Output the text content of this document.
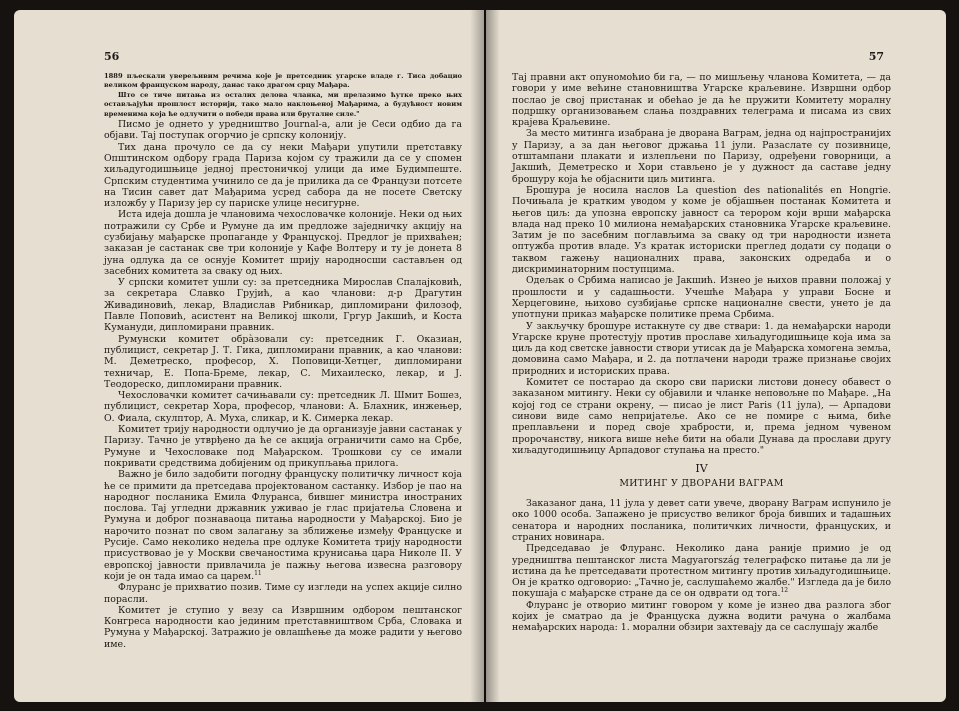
56

1889 пљескали уверељивим речима које је претседник угарске владе г. Тиса добацио великом француском народу, данас тако драгом срцу Мађара.

Што се тиче питања из осталих делова чланка, ми прелазимо ћутке преко њих остављајући прошлост историји, тако мало наклоњеној Мађарима, а будућност новим временима која ће одлучити о победи права или бруталне силе."

Писмо је однето у уредништво Journal-а, али је Сеси одбио да га објави. Тај поступак огорчио је српску колонију.

Тих дана прочуло се да су неки Мађари упутили претставку Општинском одбору града Париза којом су тражили да се у спомен хиљадугодишњице једној престоничкој улици да име Будимпеште. Српским студентима учинило се да је прилика да се Французи потсете на Тисин савет дат Мађарима усред сабора да не посете Светску изложбу у Паризу јер су париске улице несигурне.

Иста идеја дошла је члановима чехословачке колоније. Неки од њих потражили су Србе и Румуне да им предложе заједничку акцију на сузбијању мађарске пропаганде у Француској. Предлог је прихваћен; заказан је састанак све три колоније у Кафе Волтеру и ту је донета 8 јуна одлука да се оснује Комитет шрију народносши састављен од засебних комитета за сваку од њих.

У српски комитет ушли су: за претседника Мирослав Спалајковић, за секретара Славко Грујић, а као чланови: д-р Драгутин Живадиновић, лекар, Владислав Рибникар, дипломирани филозоф, Павле Поповић, асистент на Великој школи, Гргур Јакшић, и Коста Кумануди, дипломирани правник.

Румунски комитет обра̀зовали су: претседник Г. Оказиан, публицист, секретар Ј. Т. Гика, дипломирани правник, а као чланови: М. Деметреско, професор, Х. Поповици-Хетцег, дипломирани техничар, Е. Попа-Бреме, лекар, С. Михаилеско, лекар, и Ј. Теодореско, дипломирани правник.

Чехословачки комитет сачињавали су: претседник Л. Шмит Бошез, публицист, секретар Хора, професор, чланови: А. Блахник, инжењер, О. Фиала, скулптор, А. Муха, сликар, и К. Симерка лекар.

Комитет трију народности одлучио је да организује јавни састанак у Паризу. Тачно је утврђено да ће се акција ограничити само на Србе, Румуне и Чехословаке под Мађарском. Трошкови су се имали покривати средствима добијеним од прикупљања прилога.

Важно је било задобити погодну француску политичку личност која ће се примити да претседава пројектованом састанку. Избор је пао на народног посланика Емила Флуранса, бившег министра иностраних послова. Тај угледни државник уживао је глас пријатеља Словена и Румуна и доброг познаваоца питања народности у Мађарској. Био је нарочито познат по свом залагању за зближење између Француске и Русије. Само неколико недеља пре одлуке Комитета трију народности присуствовао је у Москви свечаностима крунисања цара Николе II. У европској јавности привлачила је пажњу његова извесна разговору који је он тада имао са царем.$^{11}$

Флуранс је прихватио позив. Тиме су изгледи на успех акције силно порасли.

Комитет је ступио у везу са Извршним одбором пештанског Конгреса народности као јединим претставништвом Срба, Словака и Румуна у Мађарској. Затражио је овлашћење да може радити у његово име.

57

Тај правни акт опуномоћио би га, — по мишљењу чланова Комитета, — да говори у име већине становништва Угарске краљевине. Извршни одбор послао је свој пристанак и обећао је да ће пружити Комитету моралну подршку организовањем слања поздравних телеграма и писама из свих крајева Краљевине.

За место митинга изабрана је дворана Ваграм, једна од најпространијих у Паризу, а за дан његовог држања 11 јули. Разаслате су позивнице, отштампани плакати и излепљени по Паризу, одређени говорници, а Јакшић, Деметреско и Хори стављено је у дужност да саставе једну брошуру која ће објаснити циљ митинга.

Брошура је носила наслов La question des nationalités en Hongrie. Почињала је кратким уводом у коме је објашњен постанак Комитета и његов циљ: да упозна европску јавност са терором који врши мађарска влада над преко 10 милиона немађарских становника Угарске краљевине. Затим је по засебним поглављима за сваку од три народности изнета оптужба против владе. Уз кратак историски преглед додати су подаци о таквом гажењу националних права, законских одредаба и о дискриминаторним поступцима.

Одељак о Србима написао је Јакшић. Изнео је њихов правни положај у прошлости и у садашњости. Учешће Мађара у управи Босне и Херцеговине, њихово сузбијање српске националне свести, унето је да употпуни приказ мађарске политике према Србима.

У закључку брошуре истакнуте су две ствари: 1. да немађарски народи Угарске круне протестују против прославе хиљадугодишњице која има за циљ да код светске јавности створи утисак да је Мађарска хомогена земља, домовина само Мађара, и 2. да потлачени народи траже признање својих природних и историских права.

Комитет се постарао да скоро сви париски листови донесу обавест о заказаном митингу. Неки су објавили и чланке неповољне по Мађаре. „На којој год се страни окрену, — писао је лист Paris (11 јула), — Арпадови синови виде само непријатеље. Ако се не помире с њима, биће преплављени и поред своје храбрости, и, према једном чувеном пророчанству, никога више неће бити на обали Дунава да прослави другу хиљадугодишњицу Арпадовог ступања на престо."

IV
МИТИНГ У ДВОРАНИ ВАГРАМ

Заказаног дана, 11 јула у девет сати увече, дворану Ваграм испунило је око 1000 особа. Запажено је присуство великог броја бивших и тадашњих сенатора и народних посланика, политичких личности, француских, и страних новинара.

Председавао је Флуранс. Неколико дана раније примио је од уредништва пештанског листа Magyarország телеграфско питање да ли је истина да ће претседавати протестном митингу против хиљадугодишњице. Он је кратко одговорио: „Тачно је, саслушаћемо жалбе." Изгледа да је било покушаја с мађарске стране да се он одврати од тога.$^{12}$

Флуранс је отворио митинг говором у коме је изнео два разлога због којих је сматрао да је Француска дужна водити рачуна о жалбама немађарских народа: 1. морални обзири захтевају да се саслушају жалбе
